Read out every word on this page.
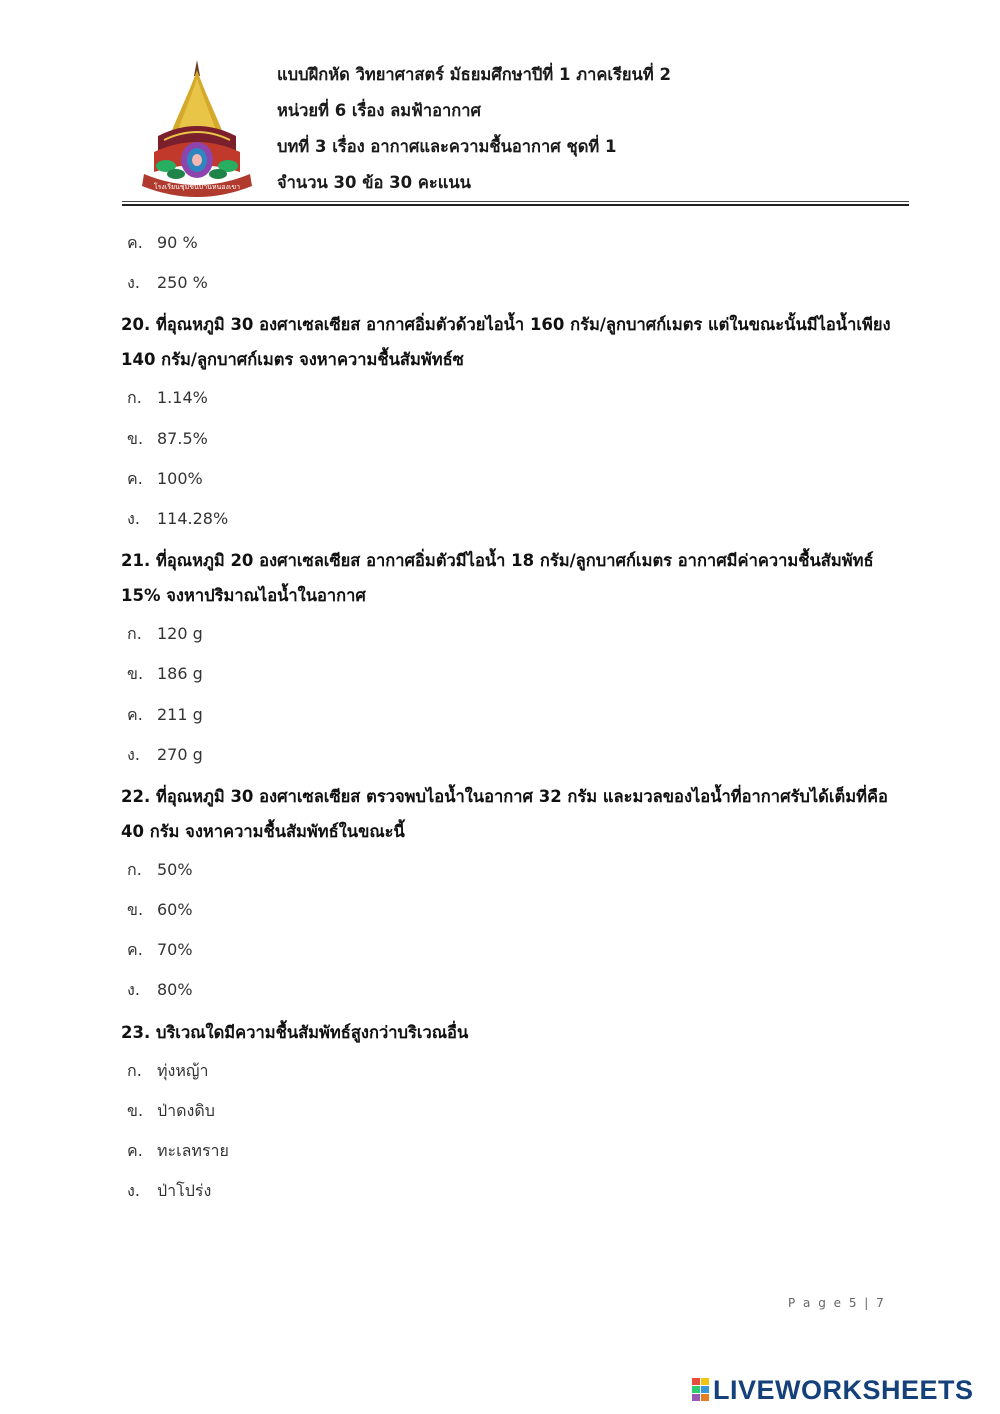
โรงเรียนชุมชนบ้านหนองเขา
แบบฝึกหัด วิทยาศาสตร์ มัธยมศึกษาปีที่ 1 ภาคเรียนที่ 2
หน่วยที่ 6 เรื่อง ลมฟ้าอากาศ
บทที่ 3 เรื่อง อากาศและความชื้นอากาศ ชุดที่ 1
จำนวน 30 ข้อ 30 คะแนน
ค. 90 %
ง. 250 %
20. ที่อุณหภูมิ 30 องศาเซลเซียส อากาศอิ่มตัวด้วยไอน้ำ 160 กรัม/ลูกบาศก์เมตร แต่ในขณะนั้นมีไอน้ำเพียง 140 กรัม/ลูกบาศก์เมตร จงหาความชื้นสัมพัทธ์ซ
ก. 1.14%
ข. 87.5%
ค. 100%
ง. 114.28%
21. ที่อุณหภูมิ 20 องศาเซลเซียส อากาศอิ่มตัวมีไอน้ำ 18 กรัม/ลูกบาศก์เมตร อากาศมีค่าความชื้นสัมพัทธ์ 15% จงหาปริมาณไอน้ำในอากาศ
ก. 120 g
ข. 186 g
ค. 211 g
ง. 270 g
22. ที่อุณหภูมิ 30 องศาเซลเซียส ตรวจพบไอน้ำในอากาศ 32 กรัม และมวลของไอน้ำที่อากาศรับได้เต็มที่คือ 40 กรัม จงหาความชื้นสัมพัทธ์ในขณะนี้
ก. 50%
ข. 60%
ค. 70%
ง. 80%
23. บริเวณใดมีความชื้นสัมพัทธ์สูงกว่าบริเวณอื่น
ก. ทุ่งหญ้า
ข. ป่าดงดิบ
ค. ทะเลทราย
ง. ป่าโปร่ง
P a g e 5 | 7
LIVEWORKSHEETS
